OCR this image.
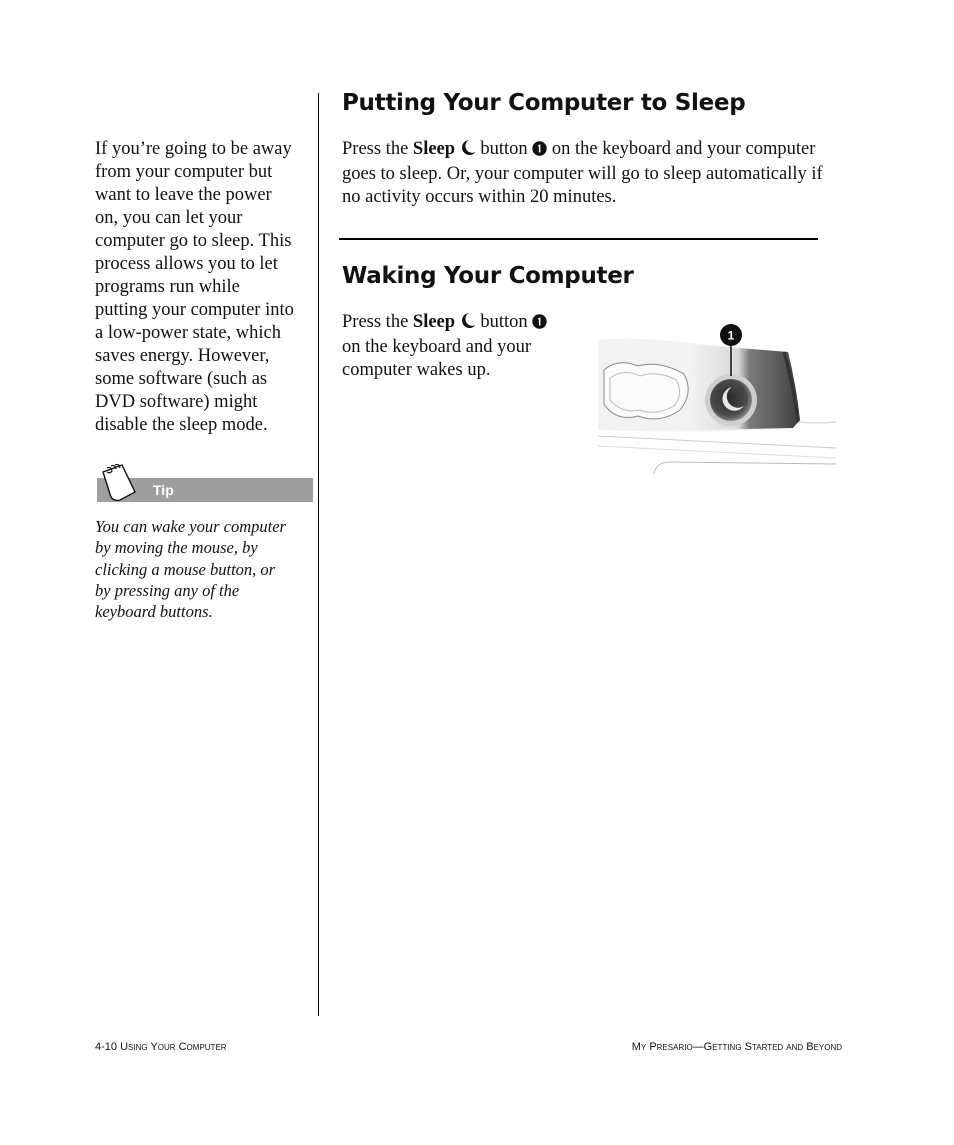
If you’re going to be away
from your computer but
want to leave the power
on, you can let your
computer go to sleep. This
process allows you to let
programs run while
putting your computer into
a low-power state, which
saves energy. However,
some software (such as
DVD software) might
disable the sleep mode.
Tip
You can wake your computer
by moving the mouse, by
clicking a mouse button, or
by pressing any of the
keyboard buttons.
Putting Your Computer to Sleep
Press the Sleep  button  on the keyboard and your computer
goes to sleep. Or, your computer will go to sleep automatically if
no activity occurs within 20 minutes.
Waking Your Computer
Press the Sleep  button
on the keyboard and your
computer wakes up.
1
4-10 Using Your Computer	My Presario—Getting Started and Beyond
